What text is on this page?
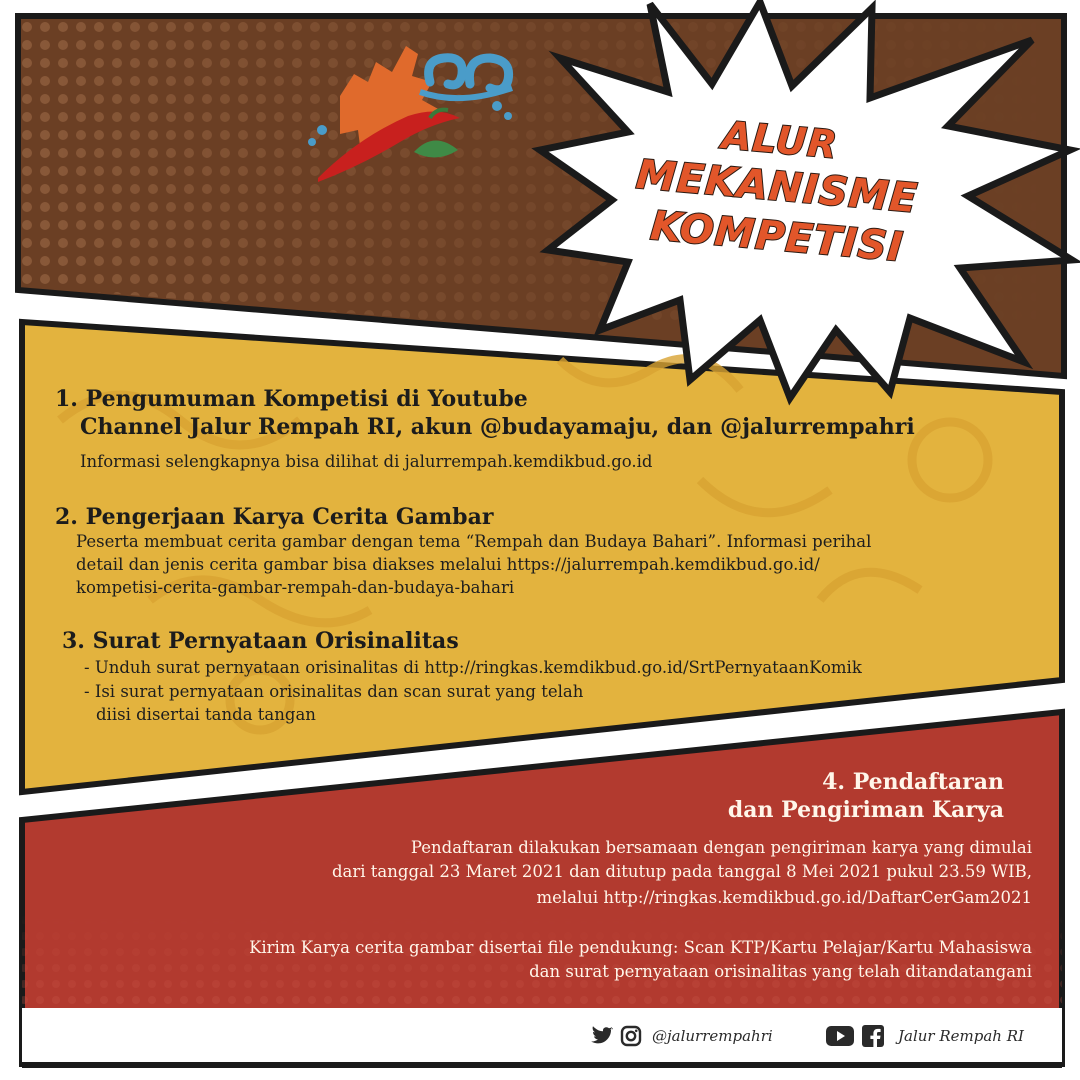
ALUR
MEKANISME
KOMPETISI
1. Pengumuman Kompetisi di Youtube
Channel Jalur Rempah RI, akun @budayamaju, dan @jalurrempahri
Informasi selengkapnya bisa dilihat di jalurrempah.kemdikbud.go.id
2. Pengerjaan Karya Cerita Gambar
Peserta membuat cerita gambar dengan tema “Rempah dan Budaya Bahari”. Informasi perihal
detail dan jenis cerita gambar bisa diakses melalui https://jalurrempah.kemdikbud.go.id/
kompetisi-cerita-gambar-rempah-dan-budaya-bahari
3. Surat Pernyataan Orisinalitas
- Unduh surat pernyataan orisinalitas di http://ringkas.kemdikbud.go.id/SrtPernyataanKomik
- Isi surat pernyataan orisinalitas dan scan surat yang telah
diisi disertai tanda tangan
4. Pendaftaran
dan Pengiriman Karya
Pendaftaran dilakukan bersamaan dengan pengiriman karya yang dimulai
dari tanggal 23 Maret 2021 dan ditutup pada tanggal 8 Mei 2021 pukul 23.59 WIB,
melalui http://ringkas.kemdikbud.go.id/DaftarCerGam2021
Kirim Karya cerita gambar disertai file pendukung: Scan KTP/Kartu Pelajar/Kartu Mahasiswa
dan surat pernyataan orisinalitas yang telah ditandatangani
@jalurrempahri	Jalur Rempah RI
